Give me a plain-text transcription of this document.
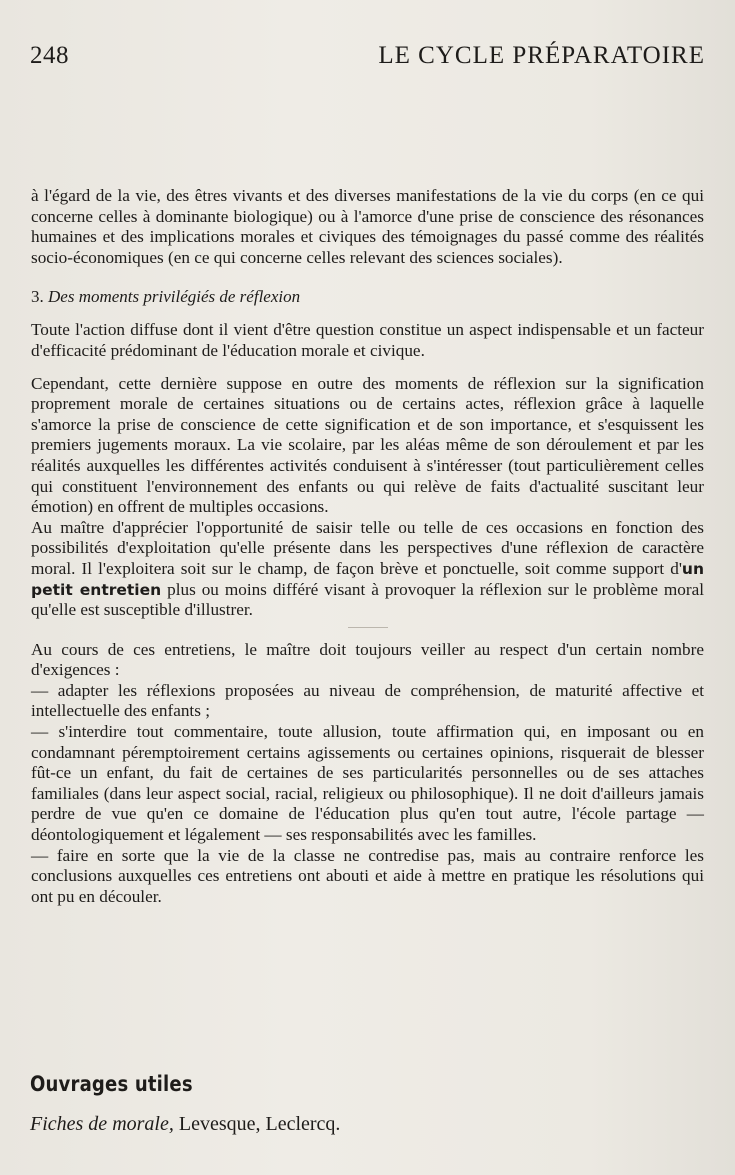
248	LE CYCLE PRÉPARATOIRE

à l'égard de la vie, des êtres vivants et des diverses manifestations de la vie du corps (en ce qui concerne celles à dominante biologique) ou à l'amorce d'une prise de conscience des résonances humaines et des implications morales et civiques des témoignages du passé comme des réalités socio-économiques (en ce qui concerne celles relevant des sciences sociales).

3. Des moments privilégiés de réflexion

Toute l'action diffuse dont il vient d'être question constitue un aspect indispensable et un facteur d'efficacité prédominant de l'éducation morale et civique.

Cependant, cette dernière suppose en outre des moments de réflexion sur la signification proprement morale de certaines situations ou de certains actes, réflexion grâce à laquelle s'amorce la prise de conscience de cette signification et de son importance, et s'esquissent les premiers jugements moraux. La vie scolaire, par les aléas même de son déroulement et par les réalités auxquelles les différentes activités conduisent à s'intéresser (tout particulièrement celles qui constituent l'environnement des enfants ou qui relève de faits d'actualité suscitant leur émotion) en offrent de multiples occasions.

Au maître d'apprécier l'opportunité de saisir telle ou telle de ces occasions en fonction des possibilités d'exploitation qu'elle présente dans les perspectives d'une réflexion de caractère moral. Il l'exploitera soit sur le champ, de façon brève et ponctuelle, soit comme support d'un petit entretien plus ou moins différé visant à provoquer la réflexion sur le problème moral qu'elle est susceptible d'illustrer.

Au cours de ces entretiens, le maître doit toujours veiller au respect d'un certain nombre d'exigences :

— adapter les réflexions proposées au niveau de compréhension, de maturité affective et intellectuelle des enfants ;

— s'interdire tout commentaire, toute allusion, toute affirmation qui, en imposant ou en condamnant péremptoirement certains agissements ou certaines opinions, risquerait de blesser fût-ce un enfant, du fait de certaines de ses particularités personnelles ou de ses attaches familiales (dans leur aspect social, racial, religieux ou philosophique). Il ne doit d'ailleurs jamais perdre de vue qu'en ce domaine de l'éducation plus qu'en tout autre, l'école partage — déontologiquement et légalement — ses responsabilités avec les familles.

— faire en sorte que la vie de la classe ne contredise pas, mais au contraire renforce les conclusions auxquelles ces entretiens ont abouti et aide à mettre en pratique les résolutions qui ont pu en découler.

Ouvrages utiles
Fiches de morale, Levesque, Leclercq.
